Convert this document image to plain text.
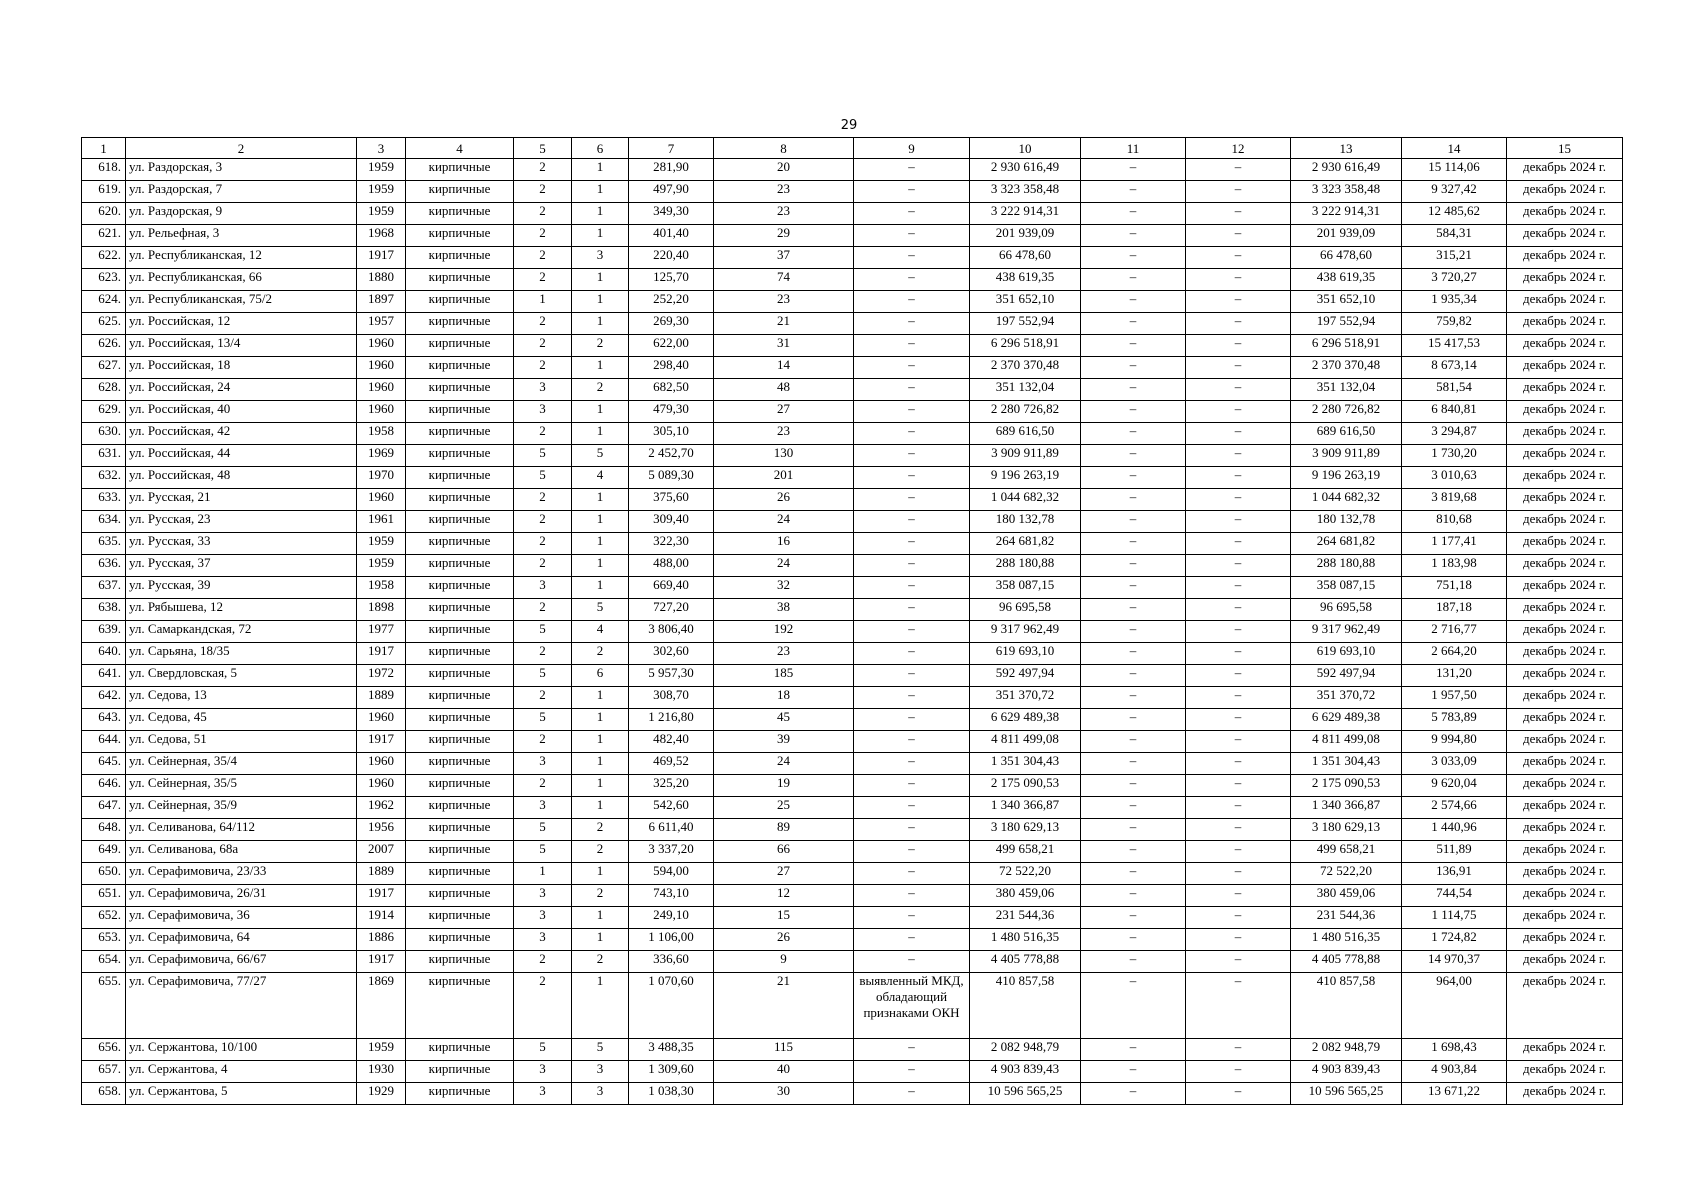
29
1	2	3	4	5	6	7	8	9	10	11	12	13	14	15
618.	ул. Раздорская, 3	1959	кирпичные	2	1	281,90	20	–	2 930 616,49	–	–	2 930 616,49	15 114,06	декабрь 2024 г.
619.	ул. Раздорская, 7	1959	кирпичные	2	1	497,90	23	–	3 323 358,48	–	–	3 323 358,48	9 327,42	декабрь 2024 г.
620.	ул. Раздорская, 9	1959	кирпичные	2	1	349,30	23	–	3 222 914,31	–	–	3 222 914,31	12 485,62	декабрь 2024 г.
621.	ул. Рельефная, 3	1968	кирпичные	2	1	401,40	29	–	201 939,09	–	–	201 939,09	584,31	декабрь 2024 г.
622.	ул. Республиканская, 12	1917	кирпичные	2	3	220,40	37	–	66 478,60	–	–	66 478,60	315,21	декабрь 2024 г.
623.	ул. Республиканская, 66	1880	кирпичные	2	1	125,70	74	–	438 619,35	–	–	438 619,35	3 720,27	декабрь 2024 г.
624.	ул. Республиканская, 75/2	1897	кирпичные	1	1	252,20	23	–	351 652,10	–	–	351 652,10	1 935,34	декабрь 2024 г.
625.	ул. Российская, 12	1957	кирпичные	2	1	269,30	21	–	197 552,94	–	–	197 552,94	759,82	декабрь 2024 г.
626.	ул. Российская, 13/4	1960	кирпичные	2	2	622,00	31	–	6 296 518,91	–	–	6 296 518,91	15 417,53	декабрь 2024 г.
627.	ул. Российская, 18	1960	кирпичные	2	1	298,40	14	–	2 370 370,48	–	–	2 370 370,48	8 673,14	декабрь 2024 г.
628.	ул. Российская, 24	1960	кирпичные	3	2	682,50	48	–	351 132,04	–	–	351 132,04	581,54	декабрь 2024 г.
629.	ул. Российская, 40	1960	кирпичные	3	1	479,30	27	–	2 280 726,82	–	–	2 280 726,82	6 840,81	декабрь 2024 г.
630.	ул. Российская, 42	1958	кирпичные	2	1	305,10	23	–	689 616,50	–	–	689 616,50	3 294,87	декабрь 2024 г.
631.	ул. Российская, 44	1969	кирпичные	5	5	2 452,70	130	–	3 909 911,89	–	–	3 909 911,89	1 730,20	декабрь 2024 г.
632.	ул. Российская, 48	1970	кирпичные	5	4	5 089,30	201	–	9 196 263,19	–	–	9 196 263,19	3 010,63	декабрь 2024 г.
633.	ул. Русская, 21	1960	кирпичные	2	1	375,60	26	–	1 044 682,32	–	–	1 044 682,32	3 819,68	декабрь 2024 г.
634.	ул. Русская, 23	1961	кирпичные	2	1	309,40	24	–	180 132,78	–	–	180 132,78	810,68	декабрь 2024 г.
635.	ул. Русская, 33	1959	кирпичные	2	1	322,30	16	–	264 681,82	–	–	264 681,82	1 177,41	декабрь 2024 г.
636.	ул. Русская, 37	1959	кирпичные	2	1	488,00	24	–	288 180,88	–	–	288 180,88	1 183,98	декабрь 2024 г.
637.	ул. Русская, 39	1958	кирпичные	3	1	669,40	32	–	358 087,15	–	–	358 087,15	751,18	декабрь 2024 г.
638.	ул. Рябышева, 12	1898	кирпичные	2	5	727,20	38	–	96 695,58	–	–	96 695,58	187,18	декабрь 2024 г.
639.	ул. Самаркандская, 72	1977	кирпичные	5	4	3 806,40	192	–	9 317 962,49	–	–	9 317 962,49	2 716,77	декабрь 2024 г.
640.	ул. Сарьяна, 18/35	1917	кирпичные	2	2	302,60	23	–	619 693,10	–	–	619 693,10	2 664,20	декабрь 2024 г.
641.	ул. Свердловская, 5	1972	кирпичные	5	6	5 957,30	185	–	592 497,94	–	–	592 497,94	131,20	декабрь 2024 г.
642.	ул. Седова, 13	1889	кирпичные	2	1	308,70	18	–	351 370,72	–	–	351 370,72	1 957,50	декабрь 2024 г.
643.	ул. Седова, 45	1960	кирпичные	5	1	1 216,80	45	–	6 629 489,38	–	–	6 629 489,38	5 783,89	декабрь 2024 г.
644.	ул. Седова, 51	1917	кирпичные	2	1	482,40	39	–	4 811 499,08	–	–	4 811 499,08	9 994,80	декабрь 2024 г.
645.	ул. Сейнерная, 35/4	1960	кирпичные	3	1	469,52	24	–	1 351 304,43	–	–	1 351 304,43	3 033,09	декабрь 2024 г.
646.	ул. Сейнерная, 35/5	1960	кирпичные	2	1	325,20	19	–	2 175 090,53	–	–	2 175 090,53	9 620,04	декабрь 2024 г.
647.	ул. Сейнерная, 35/9	1962	кирпичные	3	1	542,60	25	–	1 340 366,87	–	–	1 340 366,87	2 574,66	декабрь 2024 г.
648.	ул. Селиванова, 64/112	1956	кирпичные	5	2	6 611,40	89	–	3 180 629,13	–	–	3 180 629,13	1 440,96	декабрь 2024 г.
649.	ул. Селиванова, 68а	2007	кирпичные	5	2	3 337,20	66	–	499 658,21	–	–	499 658,21	511,89	декабрь 2024 г.
650.	ул. Серафимовича, 23/33	1889	кирпичные	1	1	594,00	27	–	72 522,20	–	–	72 522,20	136,91	декабрь 2024 г.
651.	ул. Серафимовича, 26/31	1917	кирпичные	3	2	743,10	12	–	380 459,06	–	–	380 459,06	744,54	декабрь 2024 г.
652.	ул. Серафимовича, 36	1914	кирпичные	3	1	249,10	15	–	231 544,36	–	–	231 544,36	1 114,75	декабрь 2024 г.
653.	ул. Серафимовича, 64	1886	кирпичные	3	1	1 106,00	26	–	1 480 516,35	–	–	1 480 516,35	1 724,82	декабрь 2024 г.
654.	ул. Серафимовича, 66/67	1917	кирпичные	2	2	336,60	9	–	4 405 778,88	–	–	4 405 778,88	14 970,37	декабрь 2024 г.
655.	ул. Серафимовича, 77/27	1869	кирпичные	2	1	1 070,60	21	выявленный МКД, обладающий признаками ОКН	410 857,58	–	–	410 857,58	964,00	декабрь 2024 г.
656.	ул. Сержантова, 10/100	1959	кирпичные	5	5	3 488,35	115	–	2 082 948,79	–	–	2 082 948,79	1 698,43	декабрь 2024 г.
657.	ул. Сержантова, 4	1930	кирпичные	3	3	1 309,60	40	–	4 903 839,43	–	–	4 903 839,43	4 903,84	декабрь 2024 г.
658.	ул. Сержантова, 5	1929	кирпичные	3	3	1 038,30	30	–	10 596 565,25	–	–	10 596 565,25	13 671,22	декабрь 2024 г.
